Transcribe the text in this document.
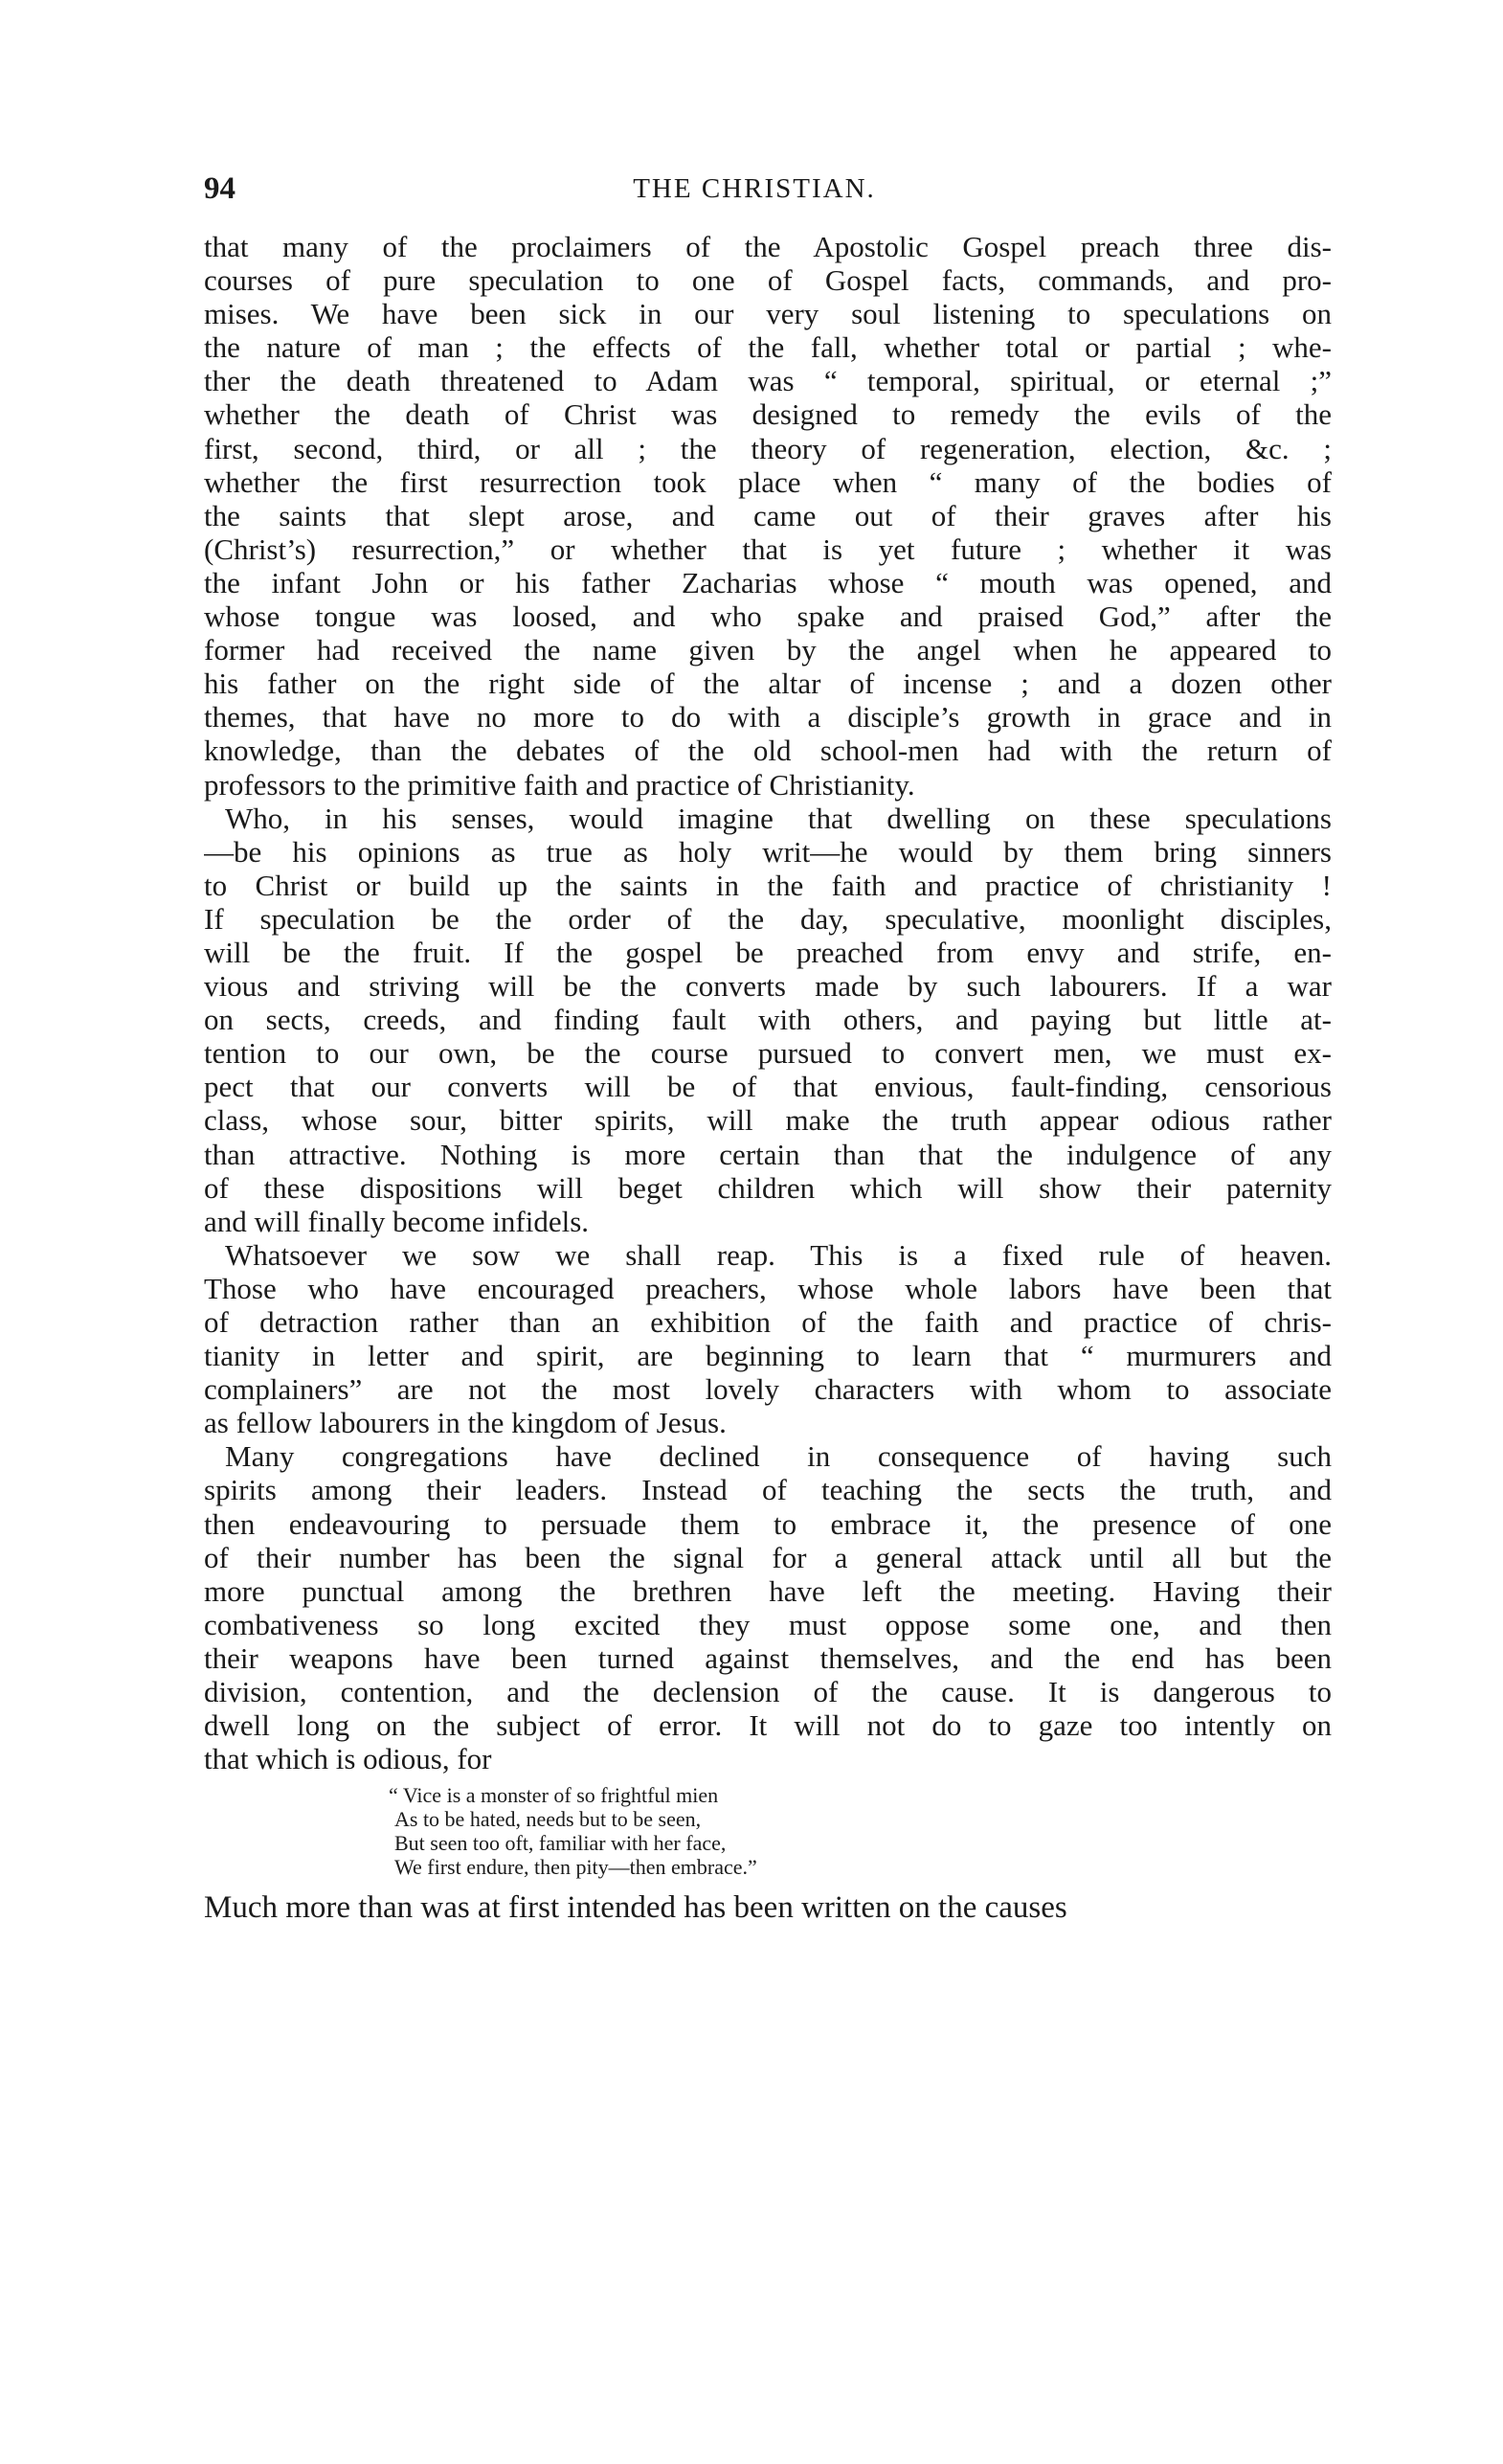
94	THE CHRISTIAN.
that many of the proclaimers of the Apostolic Gospel preach three dis-
courses of pure speculation to one of Gospel facts, commands, and pro-
mises. We have been sick in our very soul listening to speculations on
the nature of man ; the effects of the fall, whether total or partial ; whe-
ther the death threatened to Adam was “ temporal, spiritual, or eternal ;”
whether the death of Christ was designed to remedy the evils of the
first, second, third, or all ; the theory of regeneration, election, &c. ;
whether the first resurrection took place when “ many of the bodies of
the saints that slept arose, and came out of their graves after his
(Christ’s) resurrection,” or whether that is yet future ; whether it was
the infant John or his father Zacharias whose “ mouth was opened, and
whose tongue was loosed, and who spake and praised God,” after the
former had received the name given by the angel when he appeared to
his father on the right side of the altar of incense ; and a dozen other
themes, that have no more to do with a disciple’s growth in grace and in
knowledge, than the debates of the old school-men had with the return of
professors to the primitive faith and practice of Christianity.
Who, in his senses, would imagine that dwelling on these speculations
—be his opinions as true as holy writ—he would by them bring sinners
to Christ or build up the saints in the faith and practice of christianity !
If speculation be the order of the day, speculative, moonlight disciples,
will be the fruit. If the gospel be preached from envy and strife, en-
vious and striving will be the converts made by such labourers. If a war
on sects, creeds, and finding fault with others, and paying but little at-
tention to our own, be the course pursued to convert men, we must ex-
pect that our converts will be of that envious, fault-finding, censorious
class, whose sour, bitter spirits, will make the truth appear odious rather
than attractive. Nothing is more certain than that the indulgence of any
of these dispositions will beget children which will show their paternity
and will finally become infidels.
Whatsoever we sow we shall reap. This is a fixed rule of heaven.
Those who have encouraged preachers, whose whole labors have been that
of detraction rather than an exhibition of the faith and practice of chris-
tianity in letter and spirit, are beginning to learn that “ murmurers and
complainers” are not the most lovely characters with whom to associate
as fellow labourers in the kingdom of Jesus.
Many congregations have declined in consequence of having such
spirits among their leaders. Instead of teaching the sects the truth, and
then endeavouring to persuade them to embrace it, the presence of one
of their number has been the signal for a general attack until all but the
more punctual among the brethren have left the meeting. Having their
combativeness so long excited they must oppose some one, and then
their weapons have been turned against themselves, and the end has been
division, contention, and the declension of the cause. It is dangerous to
dwell long on the subject of error. It will not do to gaze too intently on
that which is odious, for
“ Vice is a monster of so frightful mien
As to be hated, needs but to be seen,
But seen too oft, familiar with her face,
We first endure, then pity—then embrace.”
Much more than was at first intended has been written on the causes
